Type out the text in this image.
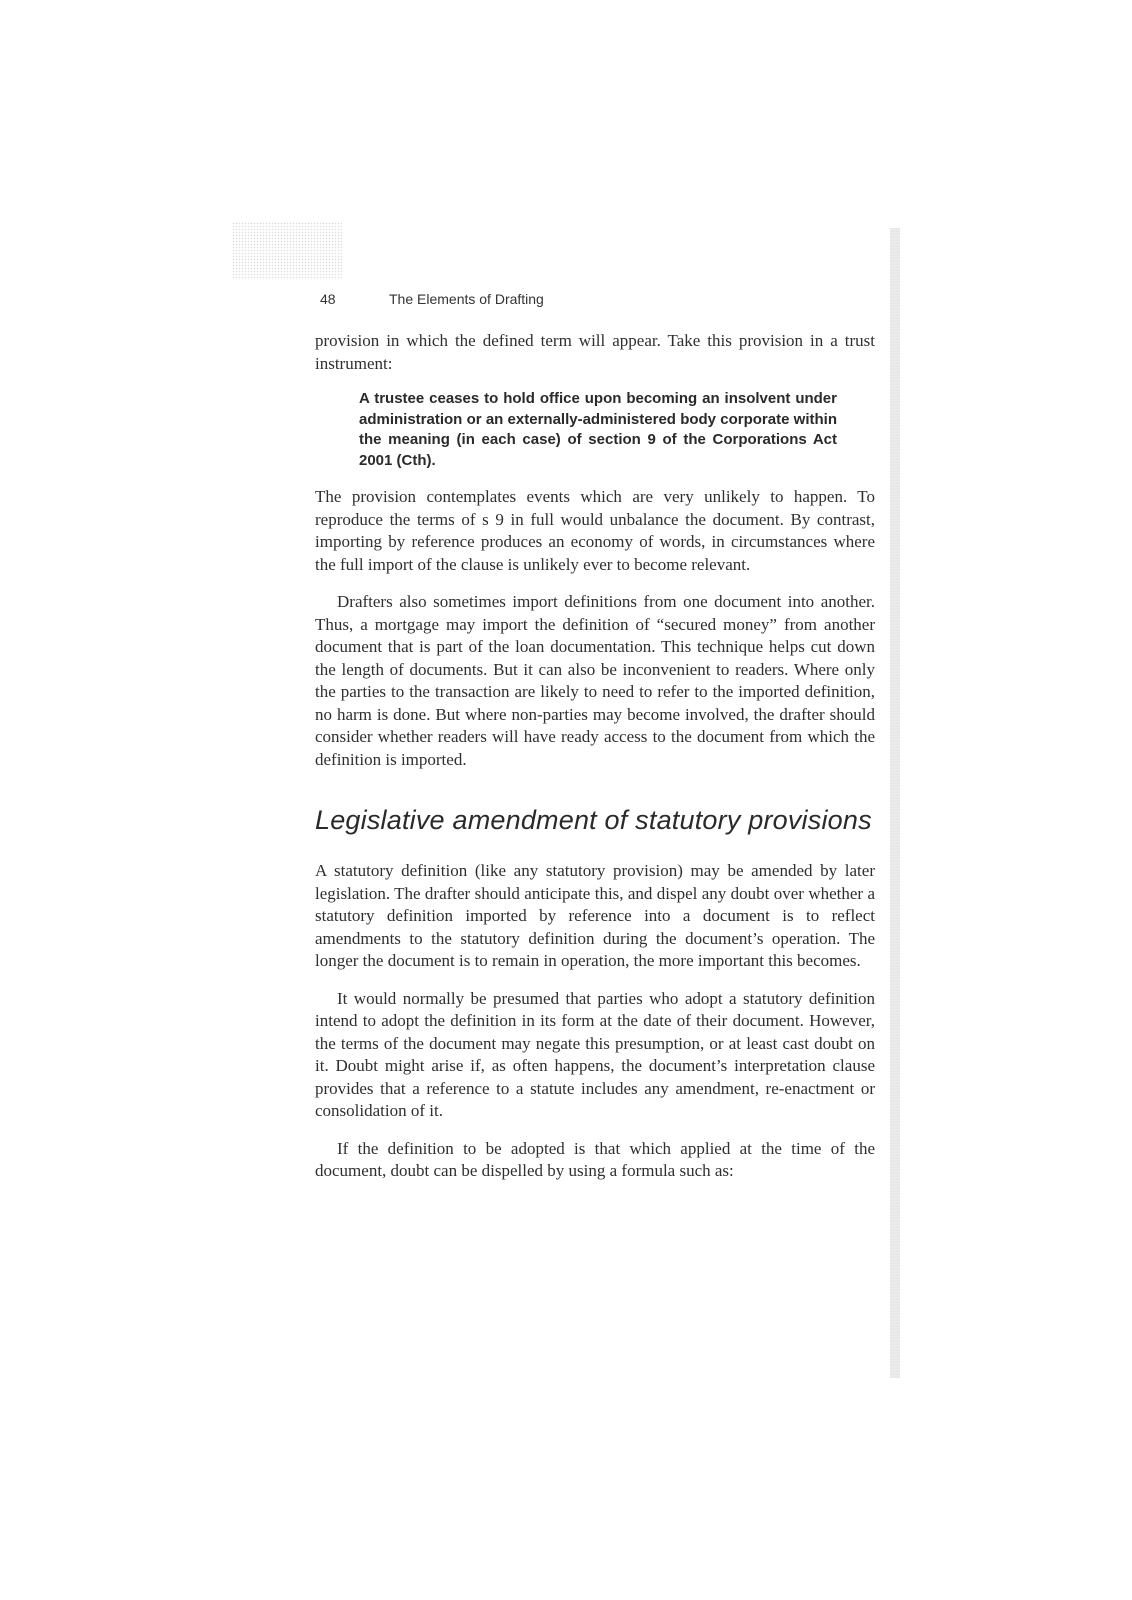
48	The Elements of Drafting

provision in which the defined term will appear. Take this provision in a trust instrument:

A trustee ceases to hold office upon becoming an insolvent under administration or an externally-administered body corporate within the meaning (in each case) of section 9 of the Corporations Act 2001 (Cth).

The provision contemplates events which are very unlikely to happen. To reproduce the terms of s 9 in full would unbalance the document. By contrast, importing by reference produces an economy of words, in circumstances where the full import of the clause is unlikely ever to become relevant.

Drafters also sometimes import definitions from one document into another. Thus, a mortgage may import the definition of “secured money” from another document that is part of the loan documentation. This technique helps cut down the length of documents. But it can also be inconvenient to readers. Where only the parties to the transaction are likely to need to refer to the imported definition, no harm is done. But where non-parties may become involved, the drafter should consider whether readers will have ready access to the document from which the definition is imported.

Legislative amendment of statutory provisions

A statutory definition (like any statutory provision) may be amended by later legislation. The drafter should anticipate this, and dispel any doubt over whether a statutory definition imported by reference into a document is to reflect amendments to the statutory definition during the document’s operation. The longer the document is to remain in operation, the more important this becomes.

It would normally be presumed that parties who adopt a statutory definition intend to adopt the definition in its form at the date of their document. However, the terms of the document may negate this presumption, or at least cast doubt on it. Doubt might arise if, as often happens, the document’s interpretation clause provides that a reference to a statute includes any amendment, re-enactment or consolidation of it.

If the definition to be adopted is that which applied at the time of the document, doubt can be dispelled by using a formula such as:
